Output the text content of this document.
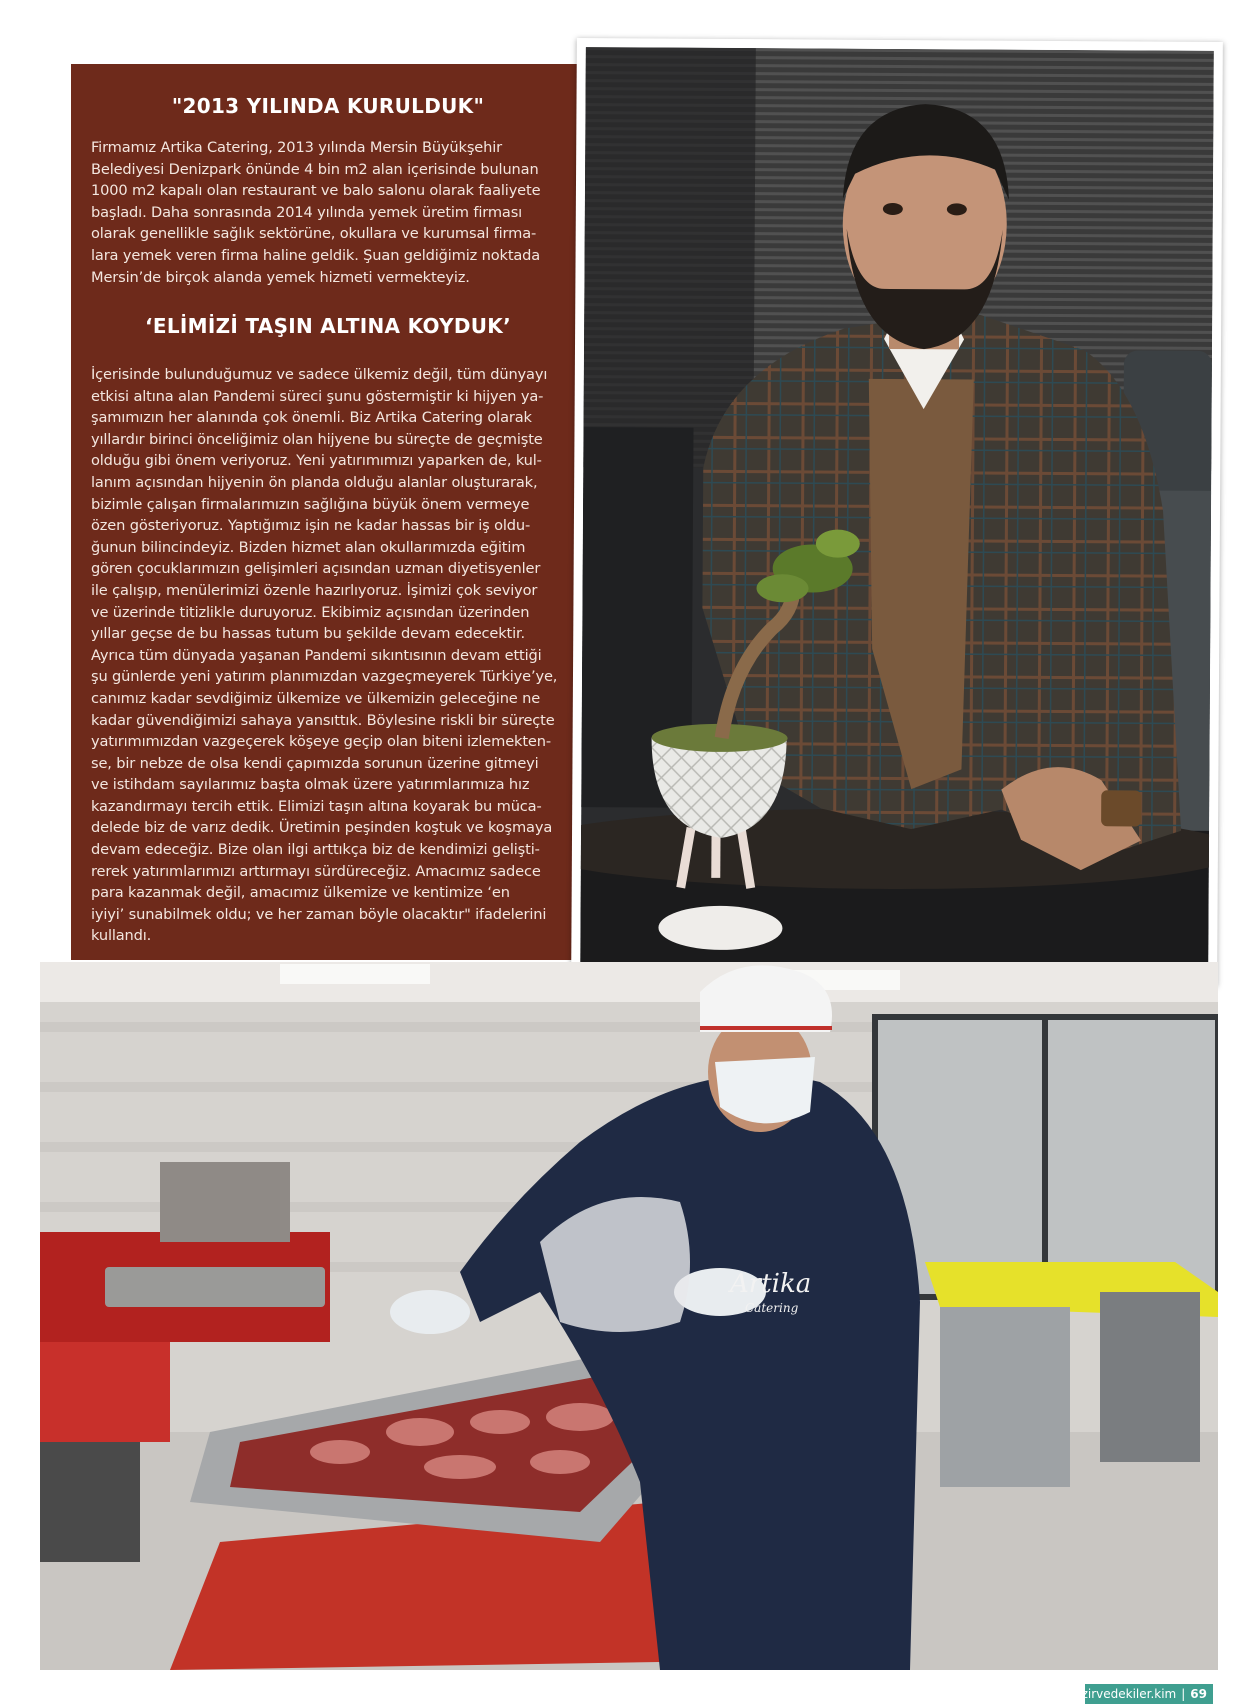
"2013 YILINDA KURULDUK"
Firmamız Artika Catering, 2013 yılında Mersin Büyükşehir
Belediyesi Denizpark önünde 4 bin m2 alan içerisinde bulunan
1000 m2 kapalı olan restaurant ve balo salonu olarak faaliyete
başladı. Daha sonrasında 2014 yılında yemek üretim firması
olarak genellikle sağlık sektörüne, okullara ve kurumsal firma-
lara yemek veren firma haline geldik. Şuan geldiğimiz noktada
Mersin’de birçok alanda yemek hizmeti vermekteyiz.
‘ELİMİZİ TAŞIN ALTINA KOYDUK’
İçerisinde bulunduğumuz ve sadece ülkemiz değil, tüm dünyayı
etkisi altına alan Pandemi süreci şunu göstermiştir ki hijyen ya-
şamımızın her alanında çok önemli. Biz Artika Catering olarak
yıllardır birinci önceliğimiz olan hijyene bu süreçte de geçmişte
olduğu gibi önem veriyoruz. Yeni yatırımımızı yaparken de, kul-
lanım açısından hijyenin ön planda olduğu alanlar oluşturarak,
bizimle çalışan firmalarımızın sağlığına büyük önem vermeye
özen gösteriyoruz. Yaptığımız işin ne kadar hassas bir iş oldu-
ğunun bilincindeyiz. Bizden hizmet alan okullarımızda eğitim
gören çocuklarımızın gelişimleri açısından uzman diyetisyenler
ile çalışıp, menülerimizi özenle hazırlıyoruz. İşimizi çok seviyor
ve üzerinde titizlikle duruyoruz. Ekibimiz açısından üzerinden
yıllar geçse de bu hassas tutum bu şekilde devam edecektir.
Ayrıca tüm dünyada yaşanan Pandemi sıkıntısının devam ettiği
şu günlerde yeni yatırım planımızdan vazgeçmeyerek Türkiye’ye,
canımız kadar sevdiğimiz ülkemize ve ülkemizin geleceğine ne
kadar güvendiğimizi sahaya yansıttık. Böylesine riskli bir süreçte
yatırımımızdan vazgeçerek köşeye geçip olan biteni izlemekten-
se, bir nebze de olsa kendi çapımızda sorunun üzerine gitmeyi
ve istihdam sayılarımız başta olmak üzere yatırımlarımıza hız
kazandırmayı tercih ettik. Elimizi taşın altına koyarak bu müca-
delede biz de varız dedik. Üretimin peşinden koştuk ve koşmaya
devam edeceğiz. Bize olan ilgi arttıkça biz de kendimizi gelişti-
rerek yatırımlarımızı arttırmayı sürdüreceğiz. Amacımız sadece
para kazanmak değil, amacımız ülkemize ve kentimize ‘en
iyiyi’ sunabilmek oldu; ve her zaman böyle olacaktır" ifadelerini
kullandı.
Artika
Catering
zirvedekiler.kim | 69
